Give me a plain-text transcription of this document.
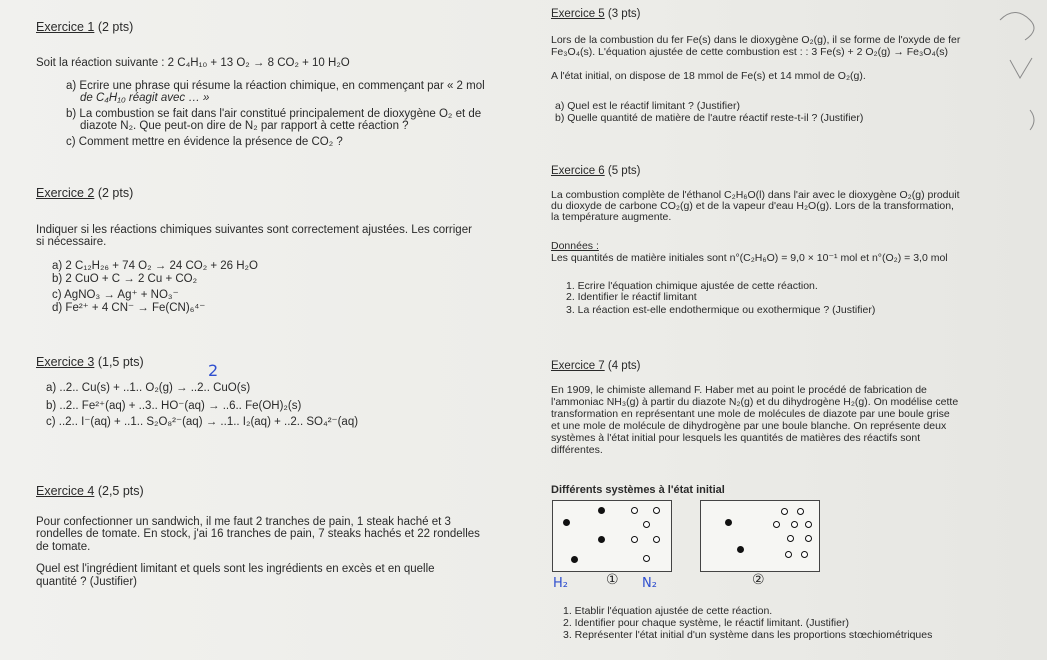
Exercice 1 (2 pts)
Soit la réaction suivante : 2 C₄H₁₀ + 13 O₂ → 8 CO₂ + 10 H₂O
a) Ecrire une phrase qui résume la réaction chimique, en commençant par « 2 mol
de C₄H₁₀ réagit avec … »
b) La combustion se fait dans l'air constitué principalement de dioxygène O₂ et de
diazote N₂. Que peut-on dire de N₂ par rapport à cette réaction ?
c) Comment mettre en évidence la présence de CO₂ ?
Exercice 2 (2 pts)
Indiquer si les réactions chimiques suivantes sont correctement ajustées. Les corriger
si nécessaire.
a) 2 C₁₂H₂₆ + 74 O₂ → 24 CO₂ + 26 H₂O
b) 2 CuO + C → 2 Cu + CO₂
c) AgNO₃ → Ag⁺ + NO₃⁻
d) Fe²⁺ + 4 CN⁻ → Fe(CN)₆⁴⁻
Exercice 3 (1,5 pts)	2
a) ..2.. Cu(s) + ..1.. O₂(g) → ..2.. CuO(s)
b) ..2.. Fe²⁺(aq) + ..3.. HO⁻(aq) → ..6.. Fe(OH)₂(s)
c) ..2.. I⁻(aq) + ..1.. S₂O₈²⁻(aq) → ..1.. I₂(aq) + ..2.. SO₄²⁻(aq)
Exercice 4 (2,5 pts)
Pour confectionner un sandwich, il me faut 2 tranches de pain, 1 steak haché et 3
rondelles de tomate. En stock, j'ai 16 tranches de pain, 7 steaks hachés et 22 rondelles
de tomate.
Quel est l'ingrédient limitant et quels sont les ingrédients en excès et en quelle
quantité ? (Justifier)
Exercice 5 (3 pts)
Lors de la combustion du fer Fe(s) dans le dioxygène O₂(g), il se forme de l'oxyde de fer
Fe₃O₄(s). L'équation ajustée de cette combustion est : : 3 Fe(s) + 2 O₂(g) → Fe₃O₄(s)
A l'état initial, on dispose de 18 mmol de Fe(s) et 14 mmol de O₂(g).
a) Quel est le réactif limitant ? (Justifier)
b) Quelle quantité de matière de l'autre réactif reste-t-il ? (Justifier)
Exercice 6 (5 pts)
La combustion complète de l'éthanol C₂H₆O(l) dans l'air avec le dioxygène O₂(g) produit
du dioxyde de carbone CO₂(g) et de la vapeur d'eau H₂O(g). Lors de la transformation,
la température augmente.
Données :
Les quantités de matière initiales sont n°(C₂H₆O) = 9,0 × 10⁻¹ mol et n°(O₂) = 3,0 mol
1. Ecrire l'équation chimique ajustée de cette réaction.
2. Identifier le réactif limitant
3. La réaction est-elle endothermique ou exothermique ? (Justifier)
Exercice 7 (4 pts)
En 1909, le chimiste allemand F. Haber met au point le procédé de fabrication de
l'ammoniac NH₃(g) à partir du diazote N₂(g) et du dihydrogène H₂(g). On modélise cette
transformation en représentant une mole de molécules de diazote par une boule grise
et une mole de molécule de dihydrogène par une boule blanche. On représente deux
systèmes à l'état initial pour lesquels les quantités de matières des réactifs sont
différentes.
Différents systèmes à l'état initial
H₂	① N₂	②
1. Etablir l'équation ajustée de cette réaction.
2. Identifier pour chaque système, le réactif limitant. (Justifier)
3. Représenter l'état initial d'un système dans les proportions stœchiométriques
